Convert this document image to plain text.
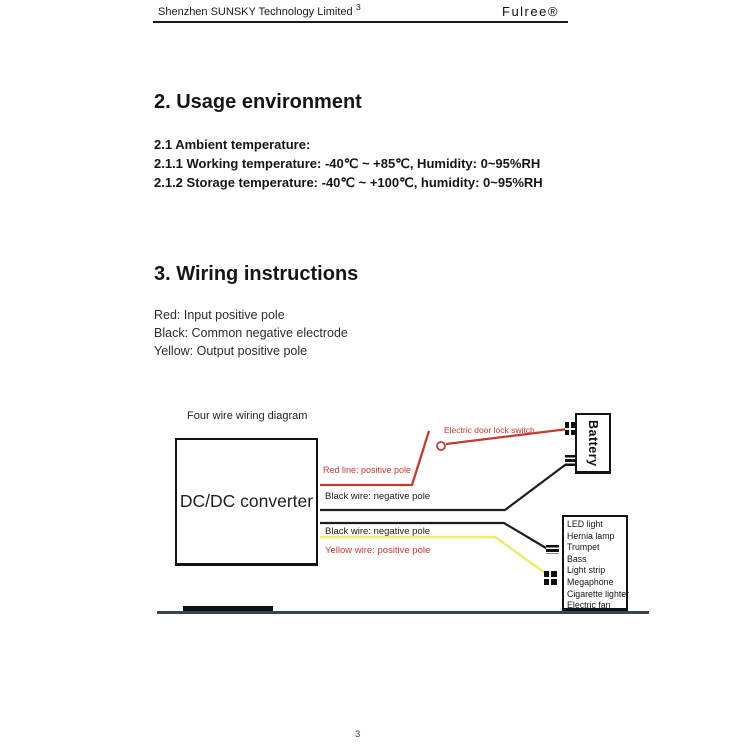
Shenzhen SUNSKY Technology Limited 3	Fulree®
2. Usage environment
2.1 Ambient temperature:
2.1.1 Working temperature: -40℃ ~ +85℃, Humidity: 0~95%RH
2.1.2 Storage temperature: -40℃ ~ +100℃, humidity: 0~95%RH
3. Wiring instructions
Red: Input positive pole
Black: Common negative electrode
Yellow: Output positive pole
Four wire wiring diagram
DC/DC converter
Battery
LED light
Hernia lamp
Trumpet
Bass
Light strip
Megaphone
Cigarette lighter
Electric fan
Electric door lock switch
Red line: positive pole
Black wire: negative pole
Black wire: negative pole
Yellow wire: positive pole
3
